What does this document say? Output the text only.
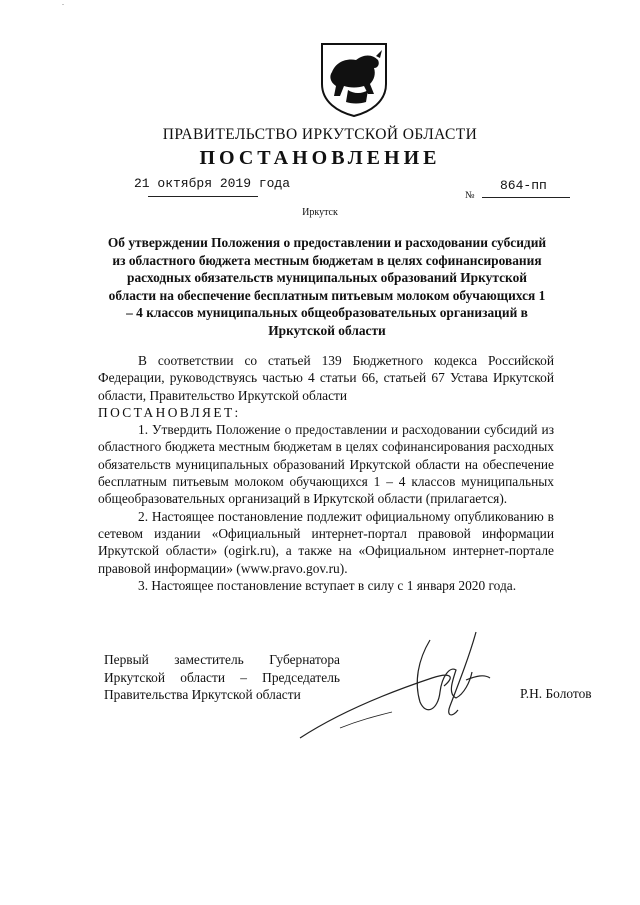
-
ПРАВИТЕЛЬСТВО ИРКУТСКОЙ ОБЛАСТИ
ПОСТАНОВЛЕНИЕ
21 октября 2019 года
№
864-пп
Иркутск
Об утверждении Положения о предоставлении и расходовании субсидий из областного бюджета местным бюджетам в целях софинансирования расходных обязательств муниципальных образований Иркутской области на обеспечение бесплатным питьевым молоком обучающихся 1 – 4 классов муниципальных общеобразовательных организаций в Иркутской области

В соответствии со статьей 139 Бюджетного кодекса Российской Федерации, руководствуясь частью 4 статьи 66, статьей 67 Устава Иркутской области, Правительство Иркутской области

ПОСТАНОВЛЯЕТ:

1. Утвердить Положение о предоставлении и расходовании субсидий из областного бюджета местным бюджетам в целях софинансирования расходных обязательств муниципальных образований Иркутской области на обеспечение бесплатным питьевым молоком обучающихся 1 – 4 классов муниципальных общеобразовательных организаций в Иркутской области (прилагается).

2. Настоящее постановление подлежит официальному опубликованию в сетевом издании «Официальный интернет-портал правовой информации Иркутской области» (ogirk.ru), а также на «Официальном интернет-портале правовой информации» (www.pravo.gov.ru).

3. Настоящее постановление вступает в силу с 1 января 2020 года.

Первый заместитель Губернатора
Иркутской области – Председатель
Правительства Иркутской области	Р.Н. Болотов
